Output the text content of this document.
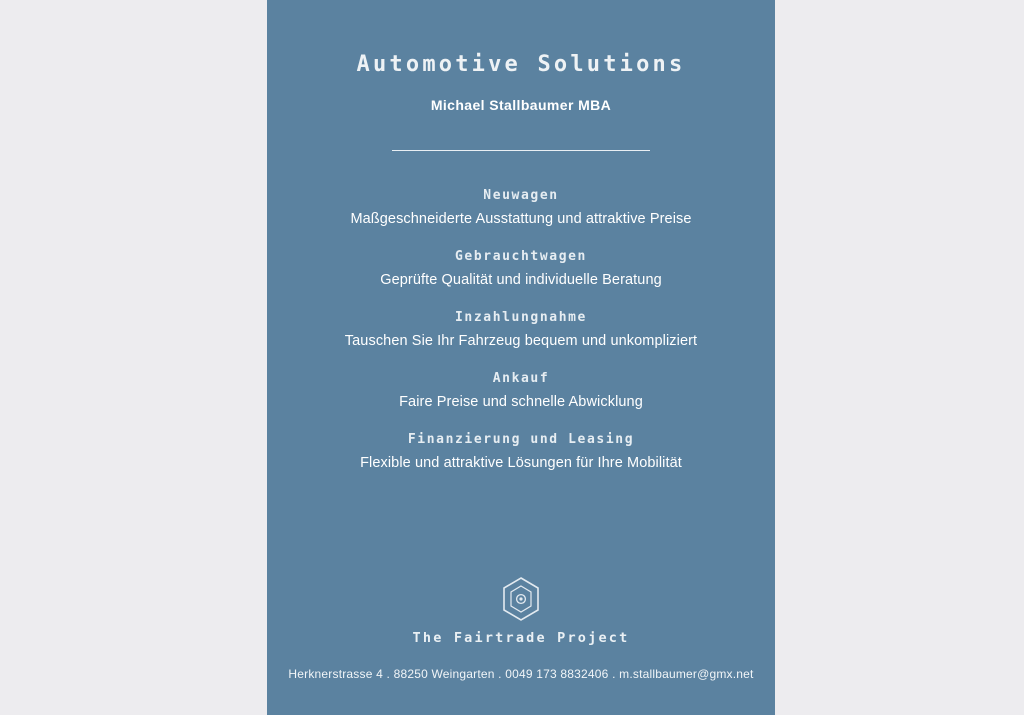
Automotive Solutions
Michael Stallbaumer MBA
Neuwagen
Maßgeschneiderte Ausstattung und attraktive Preise
Gebrauchtwagen
Geprüfte Qualität und individuelle Beratung
Inzahlungnahme
Tauschen Sie Ihr Fahrzeug bequem und unkompliziert
Ankauf
Faire Preise und schnelle Abwicklung
Finanzierung und Leasing
Flexible und attraktive Lösungen für Ihre Mobilität
The Fairtrade Project
Herknerstrasse 4 . 88250 Weingarten . 0049 173 8832406 . m.stallbaumer@gmx.net
